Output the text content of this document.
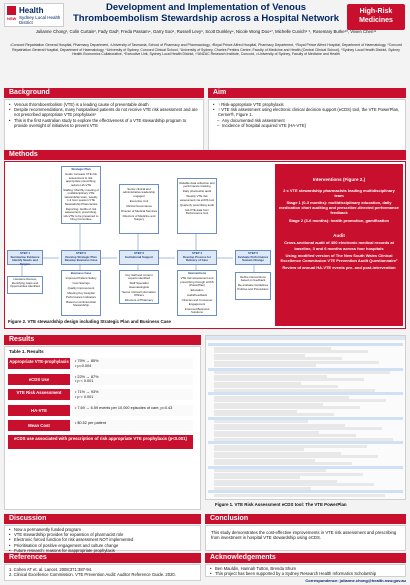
NSW
Health
Sydney Local Health District
Development and Implementation of Venous
Thromboembolism Stewardship across a Hospital Network
High-Risk
Medicines
Julianne Chong¹, Colin Curtain², Fady Gad³, Freda Passam⁴, Garry Soo⁵, Russell Levy⁶, Scott Dunkley⁴, Nicole Wong Doo⁴⁷, Michelle Cunich⁸ ⁹, Rosemary Burke¹⁰, Vivien Chen¹¹
¹Concord Repatriation General Hospital, Pharmacy Department, ²University of Tasmania, School of Pharmacy and Pharmacology, ³Royal Prince Alfred Hospital, Pharmacy Department, ⁴Royal Prince Alfred Hospital, Department of Haematology, ⁵Concord Repatriation General Hospital, Department of Haematology, ⁶University of Sydney, Concord Clinical School, ⁷University of Sydney, Charles Perkins Centre, Faculty of Medicine and Health (Central Clinical School), ⁸Sydney Local Health District, Sydney Health Economics Collaborative, ⁹Executive Unit, Sydney Local Health District, ¹⁰ANZAC Research Institute, Concord, ¹¹University of Sydney, Faculty of Medicine and Health
Background
• Venous thromboembolism (VTE) is a leading cause of preventable death
• Despite recommendations, many hospitalised patients do not receive VTE risk assessment and are not prescribed appropriate VTE prophylaxis¹
• This is the first Australian study to explore the effectiveness of a VTE stewardship program to provide oversight of initiatives to prevent VTE
Aim
• ↑ Risk-appropriate VTE prophylaxis
• ↑ VTE risk assessment using electronic clinical decision support (eCDS) tool, the VTE PowerPlan, Cerner®, Figure 1.
– Any documented risk assessment
– Incidence of hospital acquired VTE (HA-VTE)
Methods
Strategic Plan
Goals: Increase VTE risk assessment & risk-appropriate prescribing, reduce HA-VTE
Staffing: Monthly meeting of multidisciplinary VTE stewardship team, weekly 1-3 hour session VTE Stewardship Pharmacists
Reporting: Audits of risk assessment, prescribing, HA-VTE to be presented to Drug Committee
Senior clinical and administrative leadership engaged
Executive Unit
Clinical Governance
Director of Medical Services
Directors of Medicine and Surgery
Reliable data collection and performance tracking
Daily pharmacist audit
Weekly VTE risk assessment via eCDS tool
Quarterly prescribing audit
HA-VTE data from Performance Unit
STEP 1
Summarise Evidence Identify Needs and Targets
STEP 2
Develop Strategic Plan Develop Business Case
STEP 3
Institutional Support
STEP 4
Develop Process for Delivery of Care
STEP 5
Evaluate Performance Sustain Change
Literature Review, Identifying Gaps and Opportunities Identified
Business Case
Improved Patient Safety
Cost Savings
Quality Improvement
Meeting Key Hospital Performance Indicators
Based on Antimicrobial Stewardship
Key staff and content experts identified
Staff Specialist Haematologists
Senior Clinical Information Officers
Directors of Pharmacy
Interventions
VTE risk assessment and prescribing through eCDS (PowerPlan)
Education
Audit/Feedback
Clinician and Consumer Engagement
Improved Business Solutions
Refine interventions based on feedback
Re-evaluate Guidelines Policies and Procedures
Figure 2. VTE stewardship design including Strategic Plan and Business Case
Interventions (Figure 2.)
2 x VTE stewardship pharmacists leading multidisciplinary team
Stage 1 (0-3 months): multidisciplinary education, daily medication chart auditing and prescriber-directed performance feedback
Stage 2 (3-6 months): health promotion, gamification
Audit
Cross-sectional audit of 400 electronic medical records at baseline, 3 and 6 months across four hospitals
Using modified version of The New South Wales Clinical Excellence Commission VTE Prevention Audit Questionnaire²
Review of annual HA-VTE events pre- and post-intervention
Results
Table 1. Results
Appropriate VTE-prophylaxis	• 75% → 85%
• p=0.004
eCDS Use	• 22% → 87%
• p < 0.001
VTE Risk Assessment	• 71% → 93%
• p < 0.001
HA-VTE	• 7.69 → 6.59 events per 10,000 episodes of care, p=0.43
Mean Cost	• $0.52 per patient
eCDS use associated with prescription of risk appropriate VTE prophylaxis (p<0.001)
Figure 1. VTE Risk Assessment eCDS tool: The VTE PowerPlan
Discussion
• Now a permanently funded program
• VTE stewardship provides for expansion of pharmacist role
• Electronic forced function for risk assessment NOT implemented
• Prioritisation of positive engagement and culture change
• Future research: reasons for inappropriate prophylaxis
Conclusion
This study demonstrates the cost-effective improvements in VTE risk assessment and prescribing from investment in hospital VTE stewardship using eCDS.
References
1. Cohen AT et. al. Lancet. 2008;371:387-94.
2. Clinical Excellence Commission. VTE Prevention Audit: Auditor Reference Guide. 2020.
Acknowledgements
• Ben Mauldin, Hannah Tutton, Brenda Shum
• This project has been supported by a Sydney Research Health Informatics Scholarship
Correspondence: julianne.chong@health.nsw.gov.au
